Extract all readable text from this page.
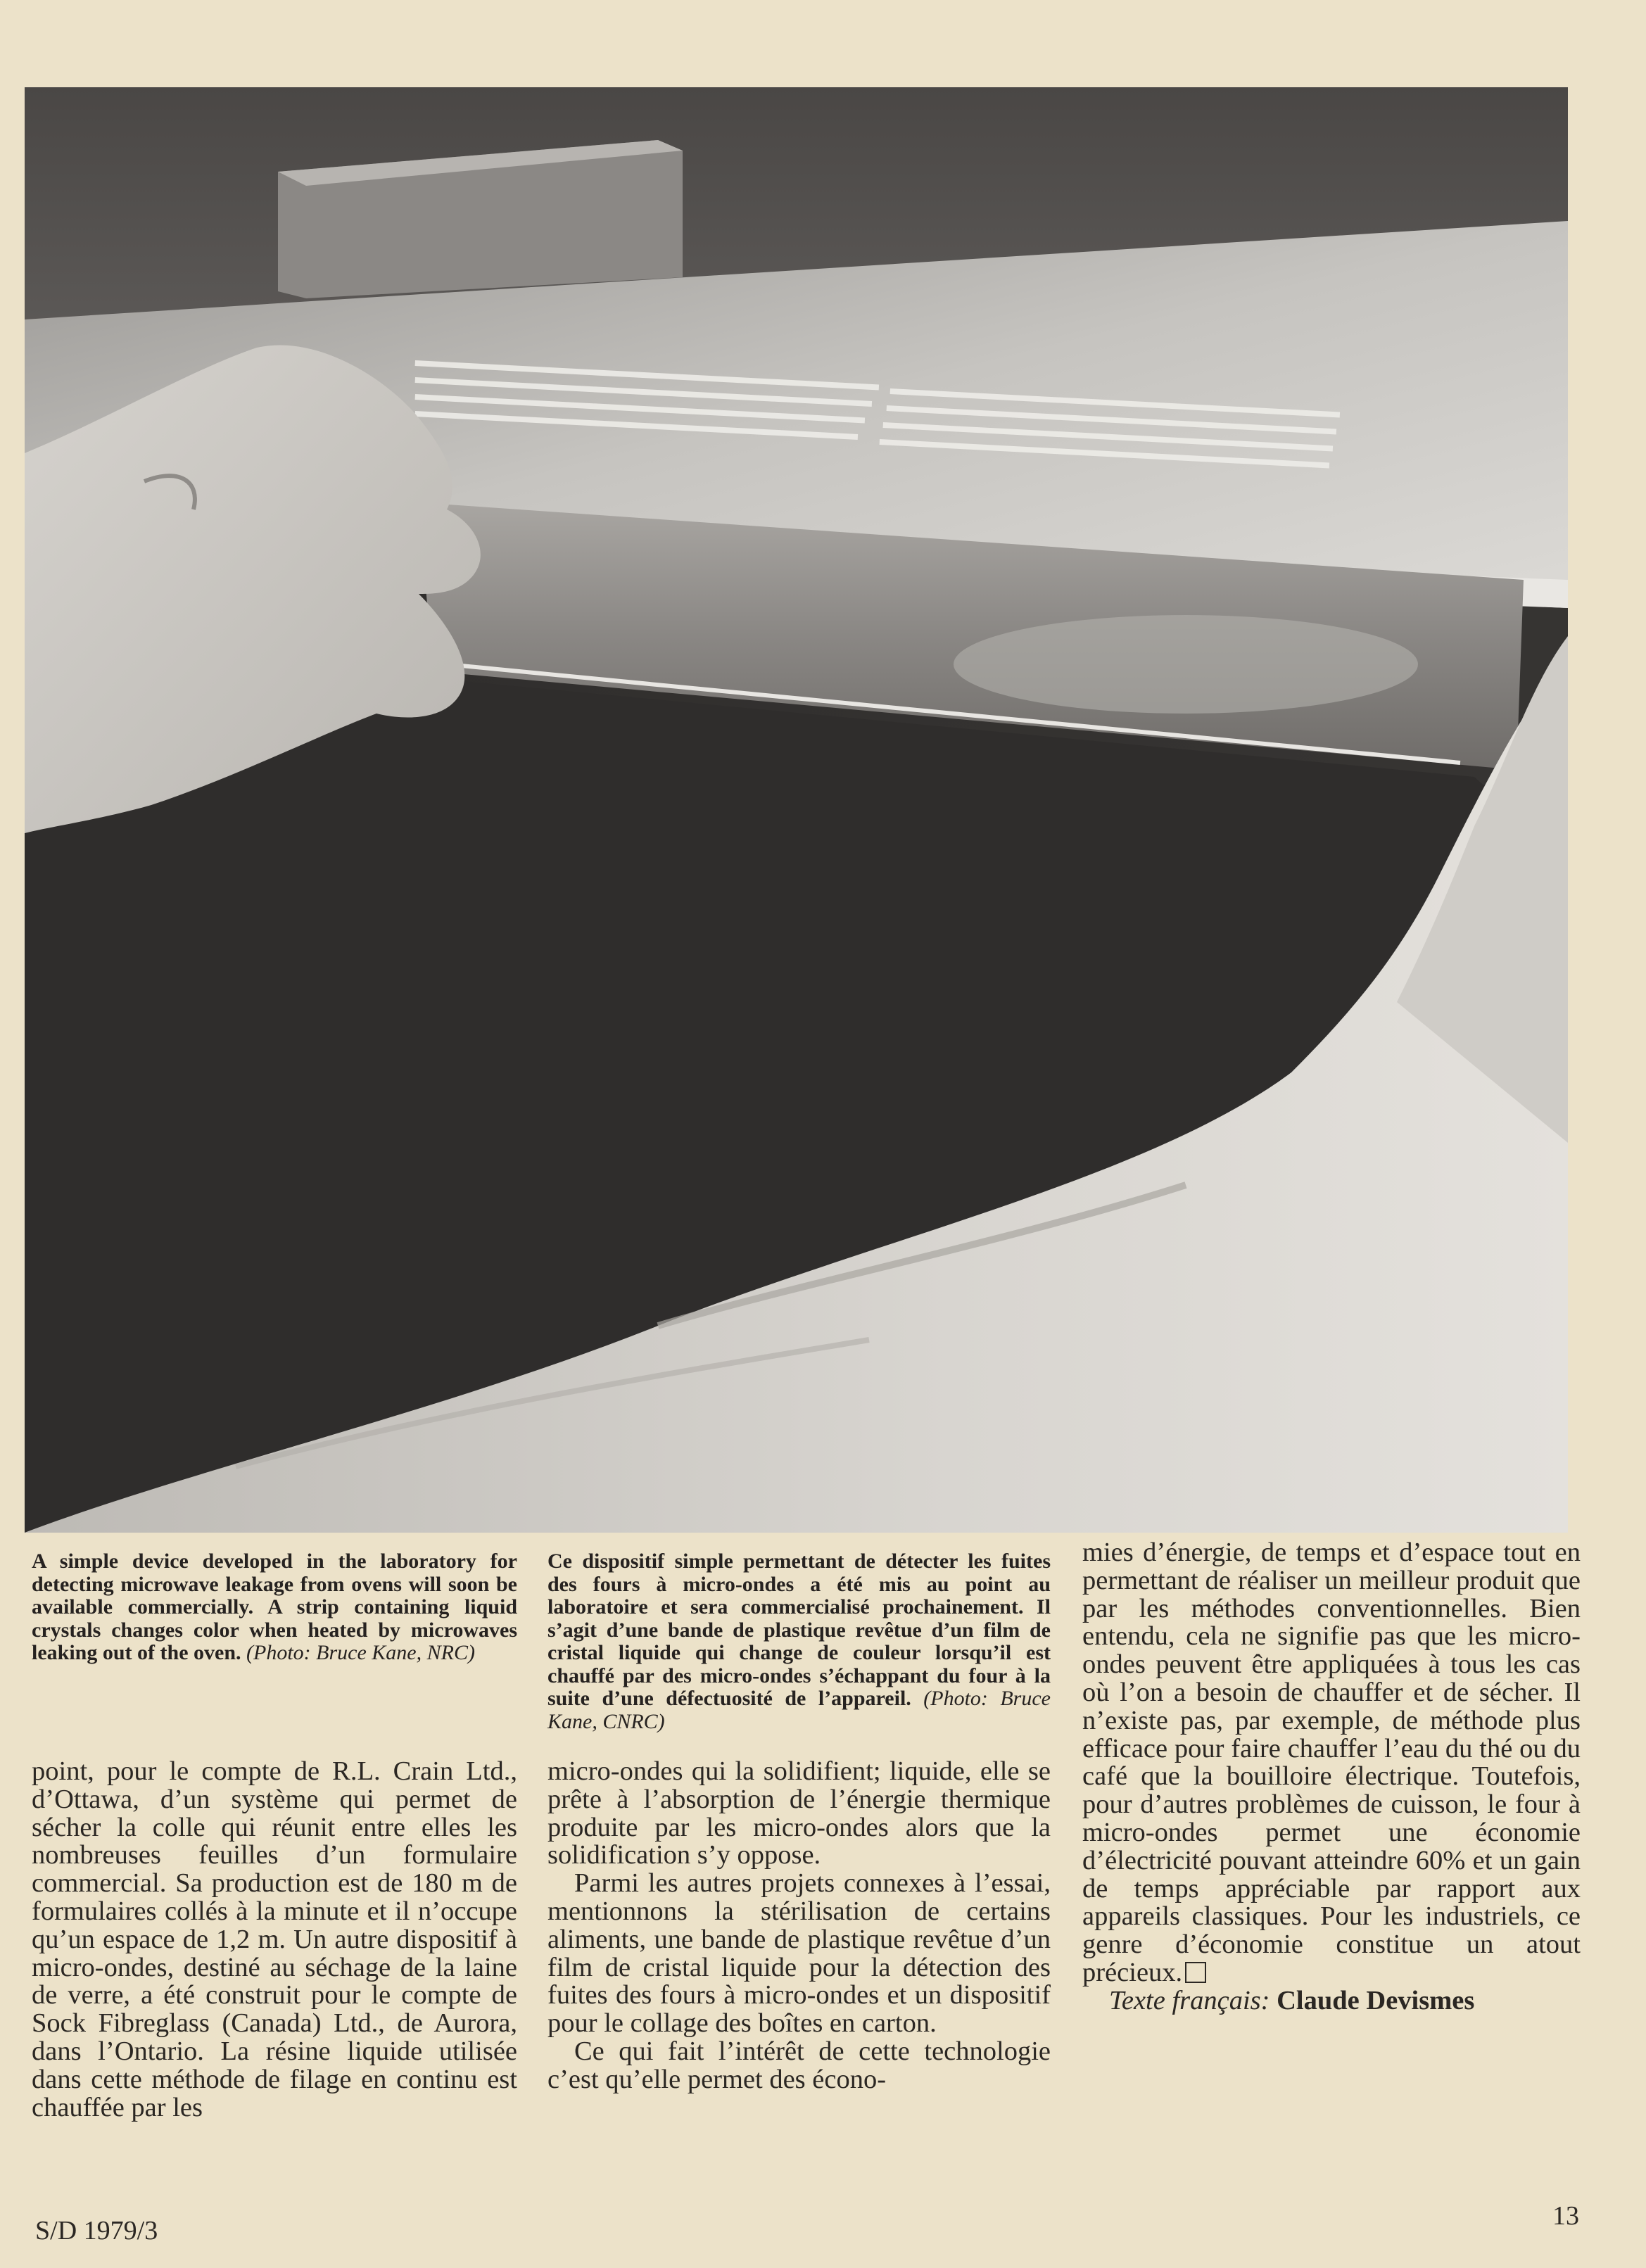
A simple device developed in the laboratory for detecting microwave leakage from ovens will soon be available commercially. A strip containing liquid crystals changes color when heated by microwaves leaking out of the oven. (Photo: Bruce Kane, NRC)
Ce dispositif simple permettant de détecter les fuites des fours à micro-ondes a été mis au point au laboratoire et sera commercialisé prochainement. Il s’agit d’une bande de plastique revêtue d’un film de cristal liquide qui change de couleur lorsqu’il est chauffé par des micro-ondes s’échappant du four à la suite d’une défectuosité de l’appareil. (Photo: Bruce Kane, CNRC)

point, pour le compte de R.L. Crain Ltd., d’Ottawa, d’un système qui permet de sécher la colle qui réunit entre elles les nombreuses feuilles d’un formulaire commercial. Sa production est de 180 m de formulaires collés à la minute et il n’occupe qu’un espace de 1,2 m. Un autre dispositif à micro-ondes, destiné au séchage de la laine de verre, a été construit pour le compte de Sock Fibreglass (Canada) Ltd., de Aurora, dans l’Ontario. La résine liquide utilisée dans cette méthode de filage en continu est chauffée par les

micro-ondes qui la solidifient; liquide, elle se prête à l’absorption de l’énergie thermique produite par les micro-ondes alors que la solidification s’y oppose.

Parmi les autres projets connexes à l’essai, mentionnons la stérilisation de certains aliments, une bande de plastique revêtue d’un film de cristal liquide pour la détection des fuites des fours à micro-ondes et un dispositif pour le collage des boîtes en carton.

Ce qui fait l’intérêt de cette technologie c’est qu’elle permet des écono-

mies d’énergie, de temps et d’espace tout en permettant de réaliser un meilleur produit que par les méthodes conventionnelles. Bien entendu, cela ne signifie pas que les micro-ondes peuvent être appliquées à tous les cas où l’on a besoin de chauffer et de sécher. Il n’existe pas, par exemple, de méthode plus efficace pour faire chauffer l’eau du thé ou du café que la bouilloire électrique. Toutefois, pour d’autres problèmes de cuisson, le four à micro-ondes permet une économie d’électricité pouvant atteindre 60% et un gain de temps appréciable par rapport aux appareils classiques. Pour les industriels, ce genre d’économie constitue un atout précieux.

Texte français: Claude Devismes

S/D 1979/3	13
